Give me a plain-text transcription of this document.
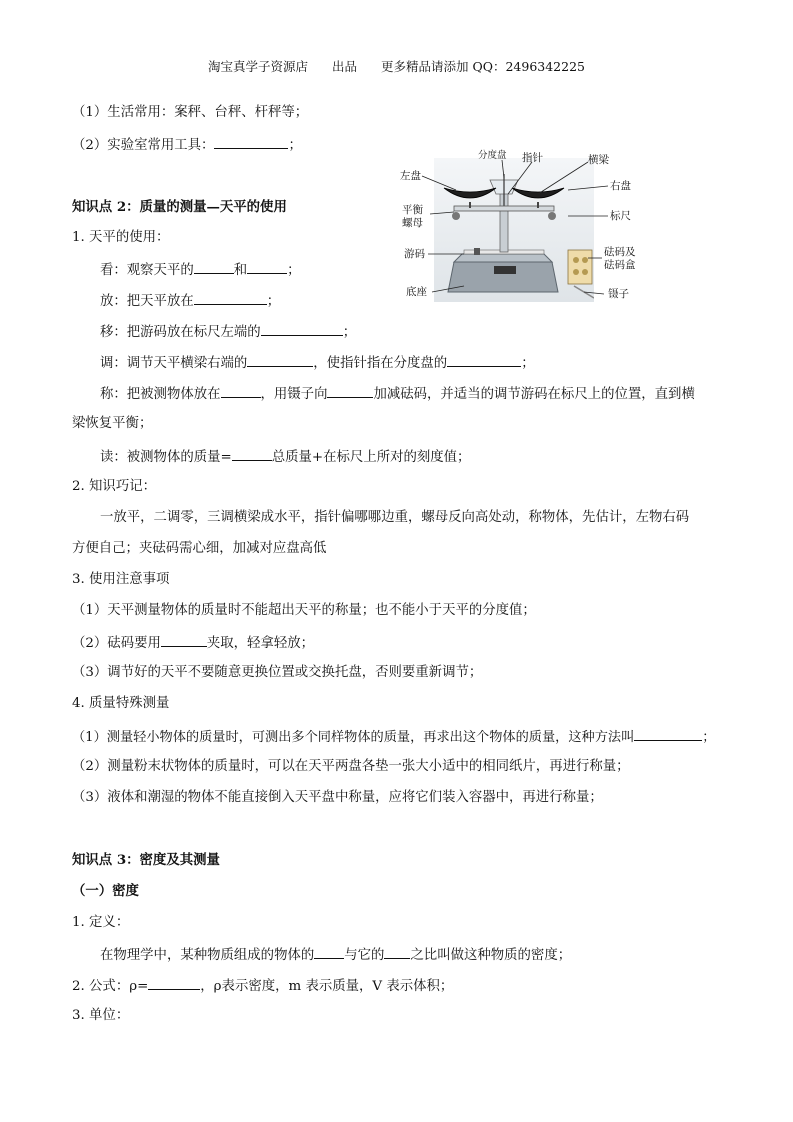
淘宝真学子资源店 出品 更多精品请添加 QQ：2496342225
（1）生活常用：案秤、台秤、杆秤等；
（2）实验室常用工具：	；
知识点 2：质量的测量—天平的使用
1. 天平的使用：
看：观察天平的	和	；
放：把天平放在	；
移：把游码放在标尺左端的	；
调：调节天平横梁右端的	，使指针指在分度盘的	；
称：把被测物体放在	，用镊子向	加减砝码，并适当的调节游码在标尺上的位置，直到横
梁恢复平衡；
读：被测物体的质量=	总质量+在标尺上所对的刻度值；
2. 知识巧记：
一放平，二调零，三调横梁成水平，指针偏哪哪边重，螺母反向高处动，称物体，先估计，左物右码
方便自己；夹砝码需心细，加减对应盘高低
3. 使用注意事项
（1）天平测量物体的质量时不能超出天平的称量；也不能小于天平的分度值；
（2）砝码要用	夹取，轻拿轻放；
（3）调节好的天平不要随意更换位置或交换托盘，否则要重新调节；
4. 质量特殊测量
（1）测量轻小物体的质量时，可测出多个同样物体的质量，再求出这个物体的质量，这种方法叫	；
（2）测量粉末状物体的质量时，可以在天平两盘各垫一张大小适中的相同纸片，再进行称量；
（3）液体和潮湿的物体不能直接倒入天平盘中称量，应将它们装入容器中，再进行称量；
知识点 3：密度及其测量
（一）密度
1. 定义：
在物理学中，某种物质组成的物体的 与它的 之比叫做这种物质的密度；
2. 公式：ρ=	，ρ表示密度，m 表示质量，V 表示体积；
3. 单位：
左盘
分度盘 指针	横梁
右盘
平衡
螺母
标尺
游码	砝码及
砝码盒
底座	镊子
